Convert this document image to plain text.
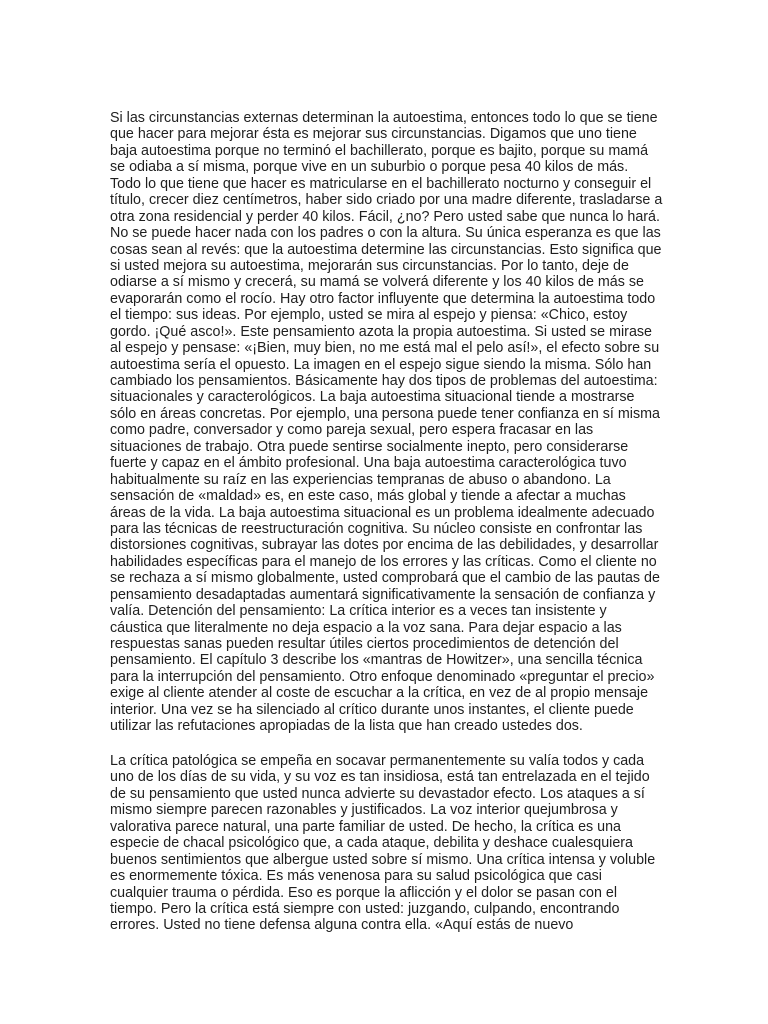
Si las circunstancias externas determinan la autoestima, entonces todo lo que se tiene
que hacer para mejorar ésta es mejorar sus circunstancias. Digamos que uno tiene
baja autoestima porque no terminó el bachillerato, porque es bajito, porque su mamá
se odiaba a sí misma, porque vive en un suburbio o porque pesa 40 kilos de más.
Todo lo que tiene que hacer es matricularse en el bachillerato nocturno y conseguir el
título, crecer diez centímetros, haber sido criado por una madre diferente, trasladarse a
otra zona residencial y perder 40 kilos. Fácil, ¿no? Pero usted sabe que nunca lo hará.
No se puede hacer nada con los padres o con la altura. Su única esperanza es que las
cosas sean al revés: que la autoestima determine las circunstancias. Esto significa que
si usted mejora su autoestima, mejorarán sus circunstancias. Por lo tanto, deje de
odiarse a sí mismo y crecerá, su mamá se volverá diferente y los 40 kilos de más se
evaporarán como el rocío. Hay otro factor influyente que determina la autoestima todo
el tiempo: sus ideas. Por ejemplo, usted se mira al espejo y piensa: «Chico, estoy
gordo. ¡Qué asco!». Este pensamiento azota la propia autoestima. Si usted se mirase
al espejo y pensase: «¡Bien, muy bien, no me está mal el pelo así!», el efecto sobre su
autoestima sería el opuesto. La imagen en el espejo sigue siendo la misma. Sólo han
cambiado los pensamientos. Básicamente hay dos tipos de problemas del autoestima:
situacionales y caracterológicos. La baja autoestima situacional tiende a mostrarse
sólo en áreas concretas. Por ejemplo, una persona puede tener confianza en sí misma
como padre, conversador y como pareja sexual, pero espera fracasar en las
situaciones de trabajo. Otra puede sentirse socialmente inepto, pero considerarse
fuerte y capaz en el ámbito profesional. Una baja autoestima caracterológica tuvo
habitualmente su raíz en las experiencias tempranas de abuso o abandono. La
sensación de «maldad» es, en este caso, más global y tiende a afectar a muchas
áreas de la vida. La baja autoestima situacional es un problema idealmente adecuado
para las técnicas de reestructuración cognitiva. Su núcleo consiste en confrontar las
distorsiones cognitivas, subrayar las dotes por encima de las debilidades, y desarrollar
habilidades específicas para el manejo de los errores y las críticas. Como el cliente no
se rechaza a sí mismo globalmente, usted comprobará que el cambio de las pautas de
pensamiento desadaptadas aumentará significativamente la sensación de confianza y
valía. Detención del pensamiento: La crítica interior es a veces tan insistente y
cáustica que literalmente no deja espacio a la voz sana. Para dejar espacio a las
respuestas sanas pueden resultar útiles ciertos procedimientos de detención del
pensamiento. El capítulo 3 describe los «mantras de Howitzer», una sencilla técnica
para la interrupción del pensamiento. Otro enfoque denominado «preguntar el precio»
exige al cliente atender al coste de escuchar a la crítica, en vez de al propio mensaje
interior. Una vez se ha silenciado al crítico durante unos instantes, el cliente puede
utilizar las refutaciones apropiadas de la lista que han creado ustedes dos.
La crítica patológica se empeña en socavar permanentemente su valía todos y cada
uno de los días de su vida, y su voz es tan insidiosa, está tan entrelazada en el tejido
de su pensamiento que usted nunca advierte su devastador efecto. Los ataques a sí
mismo siempre parecen razonables y justificados. La voz interior quejumbrosa y
valorativa parece natural, una parte familiar de usted. De hecho, la crítica es una
especie de chacal psicológico que, a cada ataque, debilita y deshace cualesquiera
buenos sentimientos que albergue usted sobre sí mismo. Una crítica intensa y voluble
es enormemente tóxica. Es más venenosa para su salud psicológica que casi
cualquier trauma o pérdida. Eso es porque la aflicción y el dolor se pasan con el
tiempo. Pero la crítica está siempre con usted: juzgando, culpando, encontrando
errores. Usted no tiene defensa alguna contra ella. «Aquí estás de nuevo
